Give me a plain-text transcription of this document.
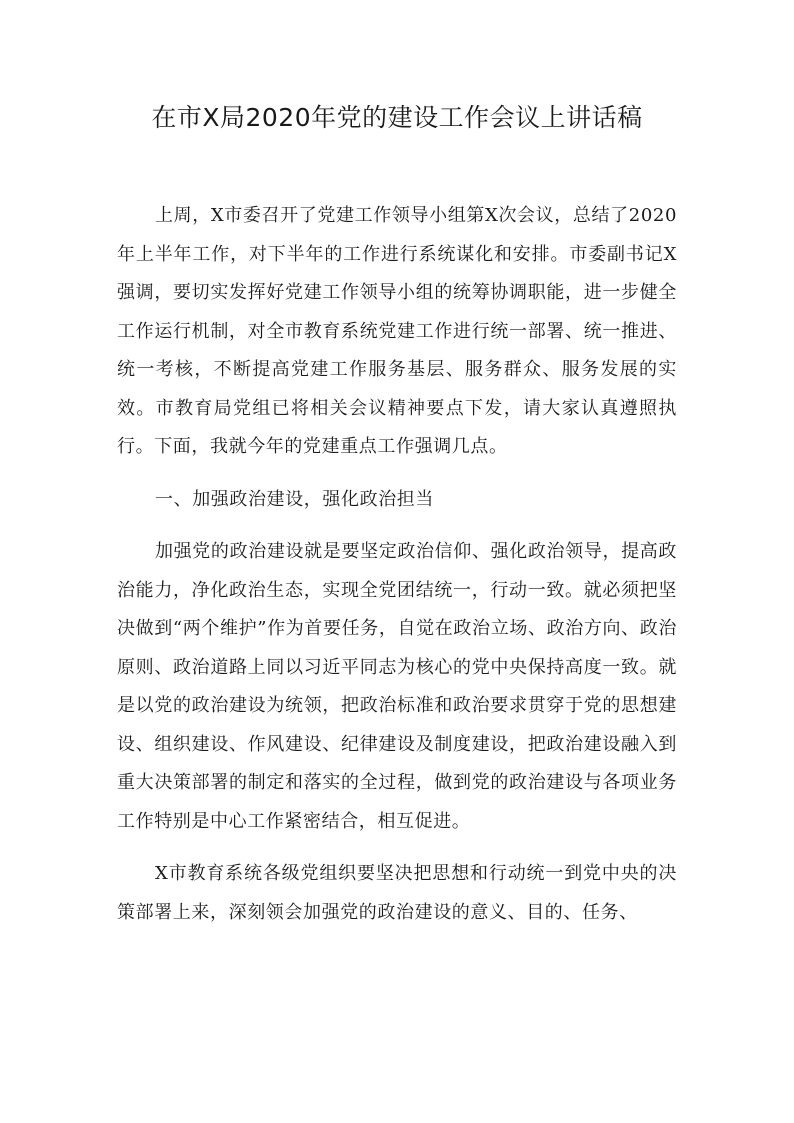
在市X局2020年党的建设工作会议上讲话稿

上周，X市委召开了党建工作领导小组第X次会议，总结了2020年上半年工作，对下半年的工作进行系统谋化和安排。市委副书记X强调，要切实发挥好党建工作领导小组的统筹协调职能，进一步健全工作运行机制，对全市教育系统党建工作进行统一部署、统一推进、统一考核，不断提高党建工作服务基层、服务群众、服务发展的实效。市教育局党组已将相关会议精神要点下发，请大家认真遵照执行。下面，我就今年的党建重点工作强调几点。

一、加强政治建设，强化政治担当

加强党的政治建设就是要坚定政治信仰、强化政治领导，提高政治能力，净化政治生态，实现全党团结统一，行动一致。就必须把坚决做到“两个维护”作为首要任务，自觉在政治立场、政治方向、政治原则、政治道路上同以习近平同志为核心的党中央保持高度一致。就是以党的政治建设为统领，把政治标准和政治要求贯穿于党的思想建设、组织建设、作风建设、纪律建设及制度建设，把政治建设融入到重大决策部署的制定和落实的全过程，做到党的政治建设与各项业务工作特别是中心工作紧密结合，相互促进。

X市教育系统各级党组织要坚决把思想和行动统一到党中央的决策部署上来，深刻领会加强党的政治建设的意义、目的、任务、
